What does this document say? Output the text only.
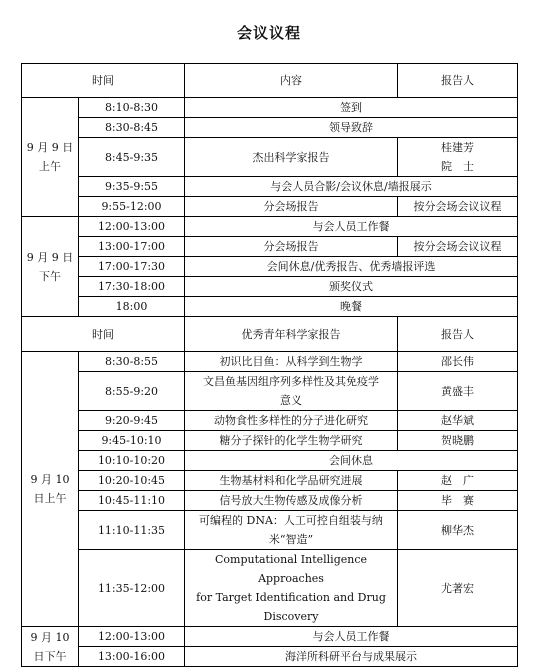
会议议程
时间		内容	报告人
9 月 9 日
上午	8:10-8:30	签到	
	8:30-8:45	领导致辞	
	8:45-9:35	杰出科学家报告	桂建芳
院　士
	9:35-9:55	与会人员合影/会议休息/墙报展示	
	9:55-12:00	分会场报告	按分会场会议议程
9 月 9 日
下午	12:00-13:00	与会人员工作餐	
	13:00-17:00	分会场报告	按分会场会议议程
	17:00-17:30	会间休息/优秀报告、优秀墙报评选	
	17:30-18:00	颁奖仪式	
	18:00	晚餐	
时间		优秀青年科学家报告	报告人
9 月 10
日上午	8:30-8:55	初识比目鱼：从科学到生物学	邵长伟
	8:55-9:20	文昌鱼基因组序列多样性及其免疫学
意义	黄盛丰
	9:20-9:45	动物食性多样性的分子进化研究	赵华斌
	9:45-10:10	糖分子探针的化学生物学研究	贺晓鹏
	10:10-10:20	会间休息	
	10:20-10:45	生物基材料和化学品研究进展	赵　广
	10:45-11:10	信号放大生物传感及成像分析	毕　赛
	11:10-11:35	可编程的 DNA：人工可控自组装与纳
米“智造”	柳华杰
	11:35-12:00	Computational Intelligence Approaches
for Target Identification and Drug
Discovery	尤著宏
9 月 10
日下午	12:00-13:00	与会人员工作餐	
	13:00-16:00	海洋所科研平台与成果展示	
